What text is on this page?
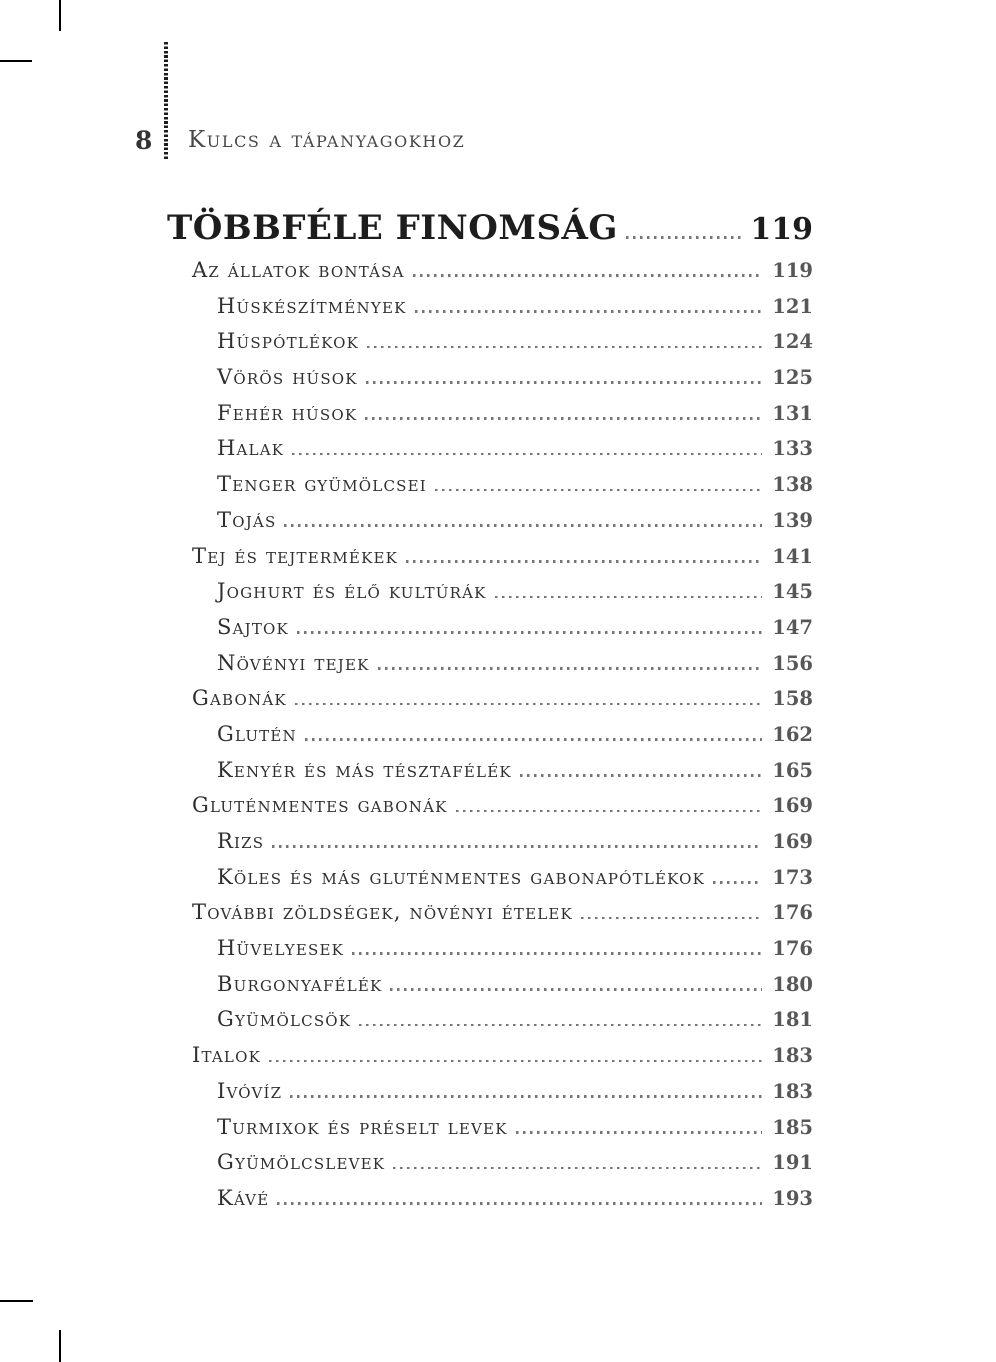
8 Kulcs a tápanyagokhoz
TÖBBFÉLE FINOMSÁG	119
Az állatok bontása	119
Húskészítmények	121
Húspótlékok	124
Vörös húsok	125
Fehér húsok	131
Halak	133
Tenger gyümölcsei	138
Tojás	139
Tej és tejtermékek	141
Joghurt és élő kultúrák	145
Sajtok	147
Növényi tejek	156
Gabonák	158
Glutén	162
Kenyér és más tésztafélék	165
Gluténmentes gabonák	169
Rizs	169
Köles és más gluténmentes gabonapótlékok	173
További zöldségek, növényi ételek	176
Hüvelyesek	176
Burgonyafélék	180
Gyümölcsök	181
Italok	183
Ivóvíz	183
Turmixok és préselt levek	185
Gyümölcslevek	191
Kávé	193
